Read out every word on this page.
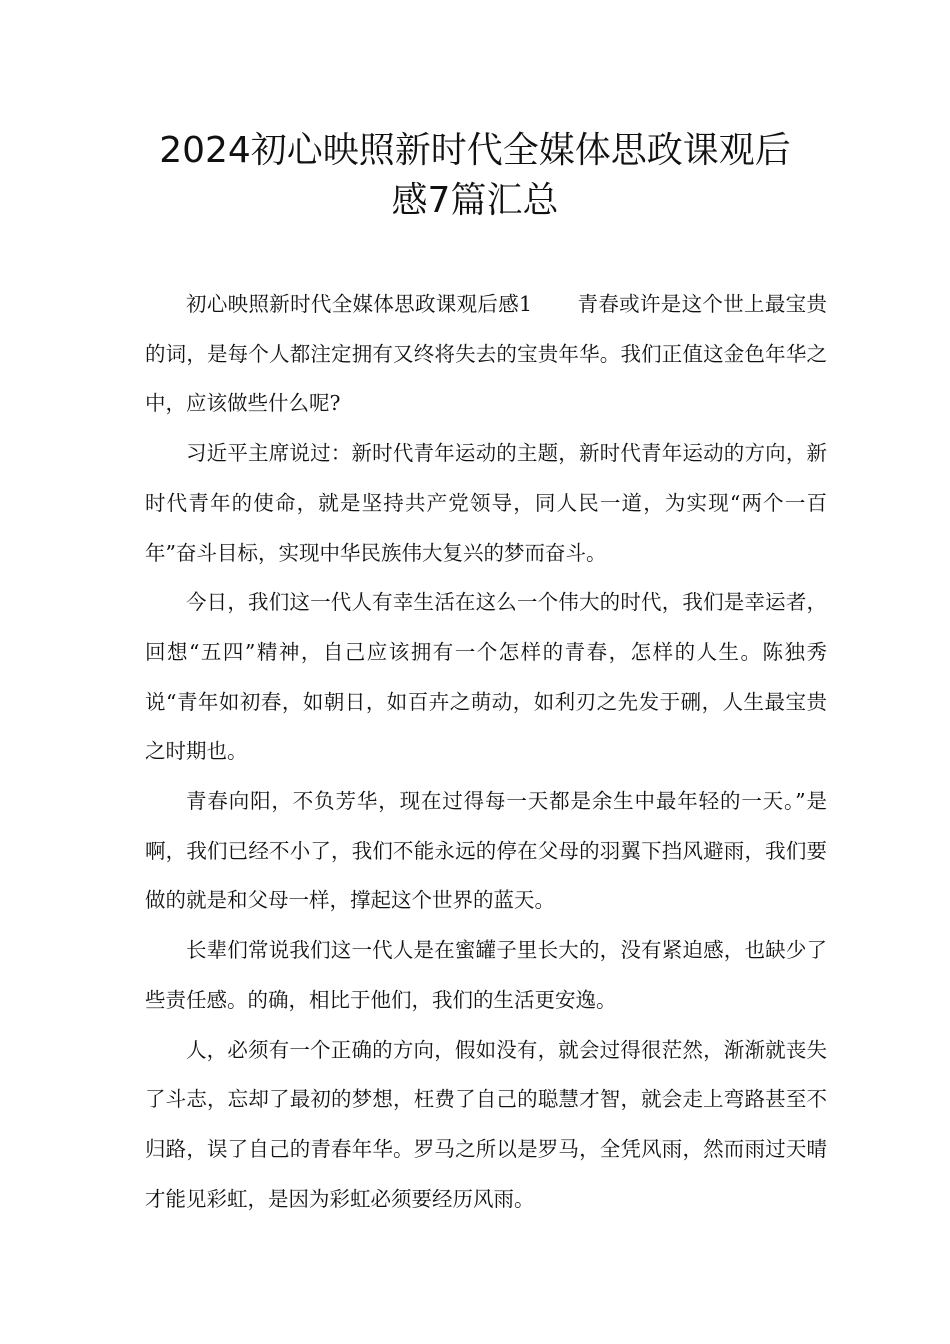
2024初心映照新时代全媒体思政课观后
感7篇汇总

初心映照新时代全媒体思政课观后感1 青春或许是这个世上最宝贵的词，是每个人都注定拥有又终将失去的宝贵年华。我们正值这金色年华之中，应该做些什么呢?

习近平主席说过：新时代青年运动的主题，新时代青年运动的方向，新时代青年的使命，就是坚持共产党领导，同人民一道，为实现“两个一百年”奋斗目标，实现中华民族伟大复兴的梦而奋斗。

今日，我们这一代人有幸生活在这么一个伟大的时代，我们是幸运者，回想“五四”精神，自己应该拥有一个怎样的青春，怎样的人生。陈独秀说“青年如初春，如朝日，如百卉之萌动，如利刃之先发于硎，人生最宝贵之时期也。

青春向阳，不负芳华，现在过得每一天都是余生中最年轻的一天。”是啊，我们已经不小了，我们不能永远的停在父母的羽翼下挡风避雨，我们要做的就是和父母一样，撑起这个世界的蓝天。

长辈们常说我们这一代人是在蜜罐子里长大的，没有紧迫感，也缺少了些责任感。的确，相比于他们，我们的生活更安逸。

人，必须有一个正确的方向，假如没有，就会过得很茫然，渐渐就丧失了斗志，忘却了最初的梦想，枉费了自己的聪慧才智，就会走上弯路甚至不归路，误了自己的青春年华。罗马之所以是罗马，全凭风雨，然而雨过天晴才能见彩虹，是因为彩虹必须要经历风雨。
